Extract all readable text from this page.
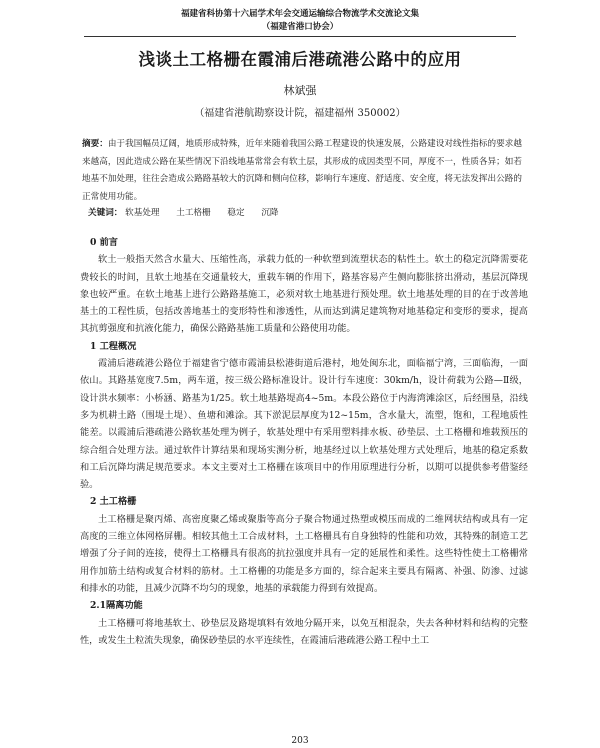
福建省科协第十六届学术年会交通运输综合物流学术交流论文集
（福建省港口协会）
浅谈土工格栅在霞浦后港疏港公路中的应用
林斌强
（福建省港航勘察设计院，福建福州 350002）
摘要：由于我国幅员辽阔，地质形成特殊，近年来随着我国公路工程建设的快速发展，公路建设对线性指标的要求越来越高，因此造成公路在某些情况下沿线地基常常会有软土层，其形成的成因类型不同，厚度不一，性质各异；如若地基不加处理，往往会造成公路路基较大的沉降和侧向位移，影响行车速度、舒适度、安全度，将无法发挥出公路的正常使用功能。
关键词： 软基处理 土工格栅 稳定 沉降

0 前言

软土一般指天然含水量大、压缩性高，承载力低的一种软塑到流塑状态的粘性土。软土的稳定沉降需要花费较长的时间，且软土地基在交通量较大，重载车辆的作用下，路基容易产生侧向膨胀挤出滑动，基层沉降现象也较严重。在软土地基上进行公路路基施工，必须对软土地基进行预处理。软土地基处理的目的在于改善地基土的工程性质，包括改善地基土的变形特性和渗透性，从而达到满足建筑物对地基稳定和变形的要求，提高其抗剪强度和抗液化能力，确保公路路基施工质量和公路使用功能。

1 工程概况

霞浦后港疏港公路位于福建省宁德市霞浦县松港街道后港村，地处闽东北，面临福宁湾，三面临海，一面依山。其路基宽度7.5m，两车道，按三级公路标准设计。设计行车速度：30km/h，设计荷载为公路—Ⅱ级，设计洪水频率：小桥涵、路基为1/25。软土地基路堤高4~5m。本段公路位于内海湾滩涂区，后经围垦，沿线多为机耕土路（围堤土堤）、鱼塘和滩涂。其下淤泥层厚度为12~15m，含水量大，流塑，饱和，工程地质性能差。以霞浦后港疏港公路软基处理为例子，软基处理中有采用塑料排水板、砂垫层、土工格栅和堆载预压的综合组合处理方法。通过软件计算结果和现场实测分析，地基经过以上软基处理方式处理后，地基的稳定系数和工后沉降均满足规范要求。本文主要对土工格栅在该项目中的作用原理进行分析，以期可以提供参考借鉴经验。

2 土工格栅

土工格栅是聚丙烯、高密度聚乙烯或聚脂等高分子聚合物通过热塑或模压而成的二维网状结构或具有一定高度的三维立体网格屏栅。相较其他土工合成材料，土工格栅具有自身独特的性能和功效，其特殊的制造工艺增强了分子间的连接，使得土工格栅具有很高的抗拉强度并具有一定的延展性和柔性。这些特性使土工格栅常用作加筋土结构或复合材料的筋材。土工格栅的功能是多方面的，综合起来主要具有隔离、补强、防渗、过滤和排水的功能，且减少沉降不均匀的现象，地基的承载能力得到有效提高。

2.1隔离功能

土工格栅可将地基软土、砂垫层及路堤填料有效地分隔开来，以免互相混杂，失去各种材料和结构的完整性，或发生土粒流失现象，确保砂垫层的水平连续性，在霞浦后港疏港公路工程中土工

203
